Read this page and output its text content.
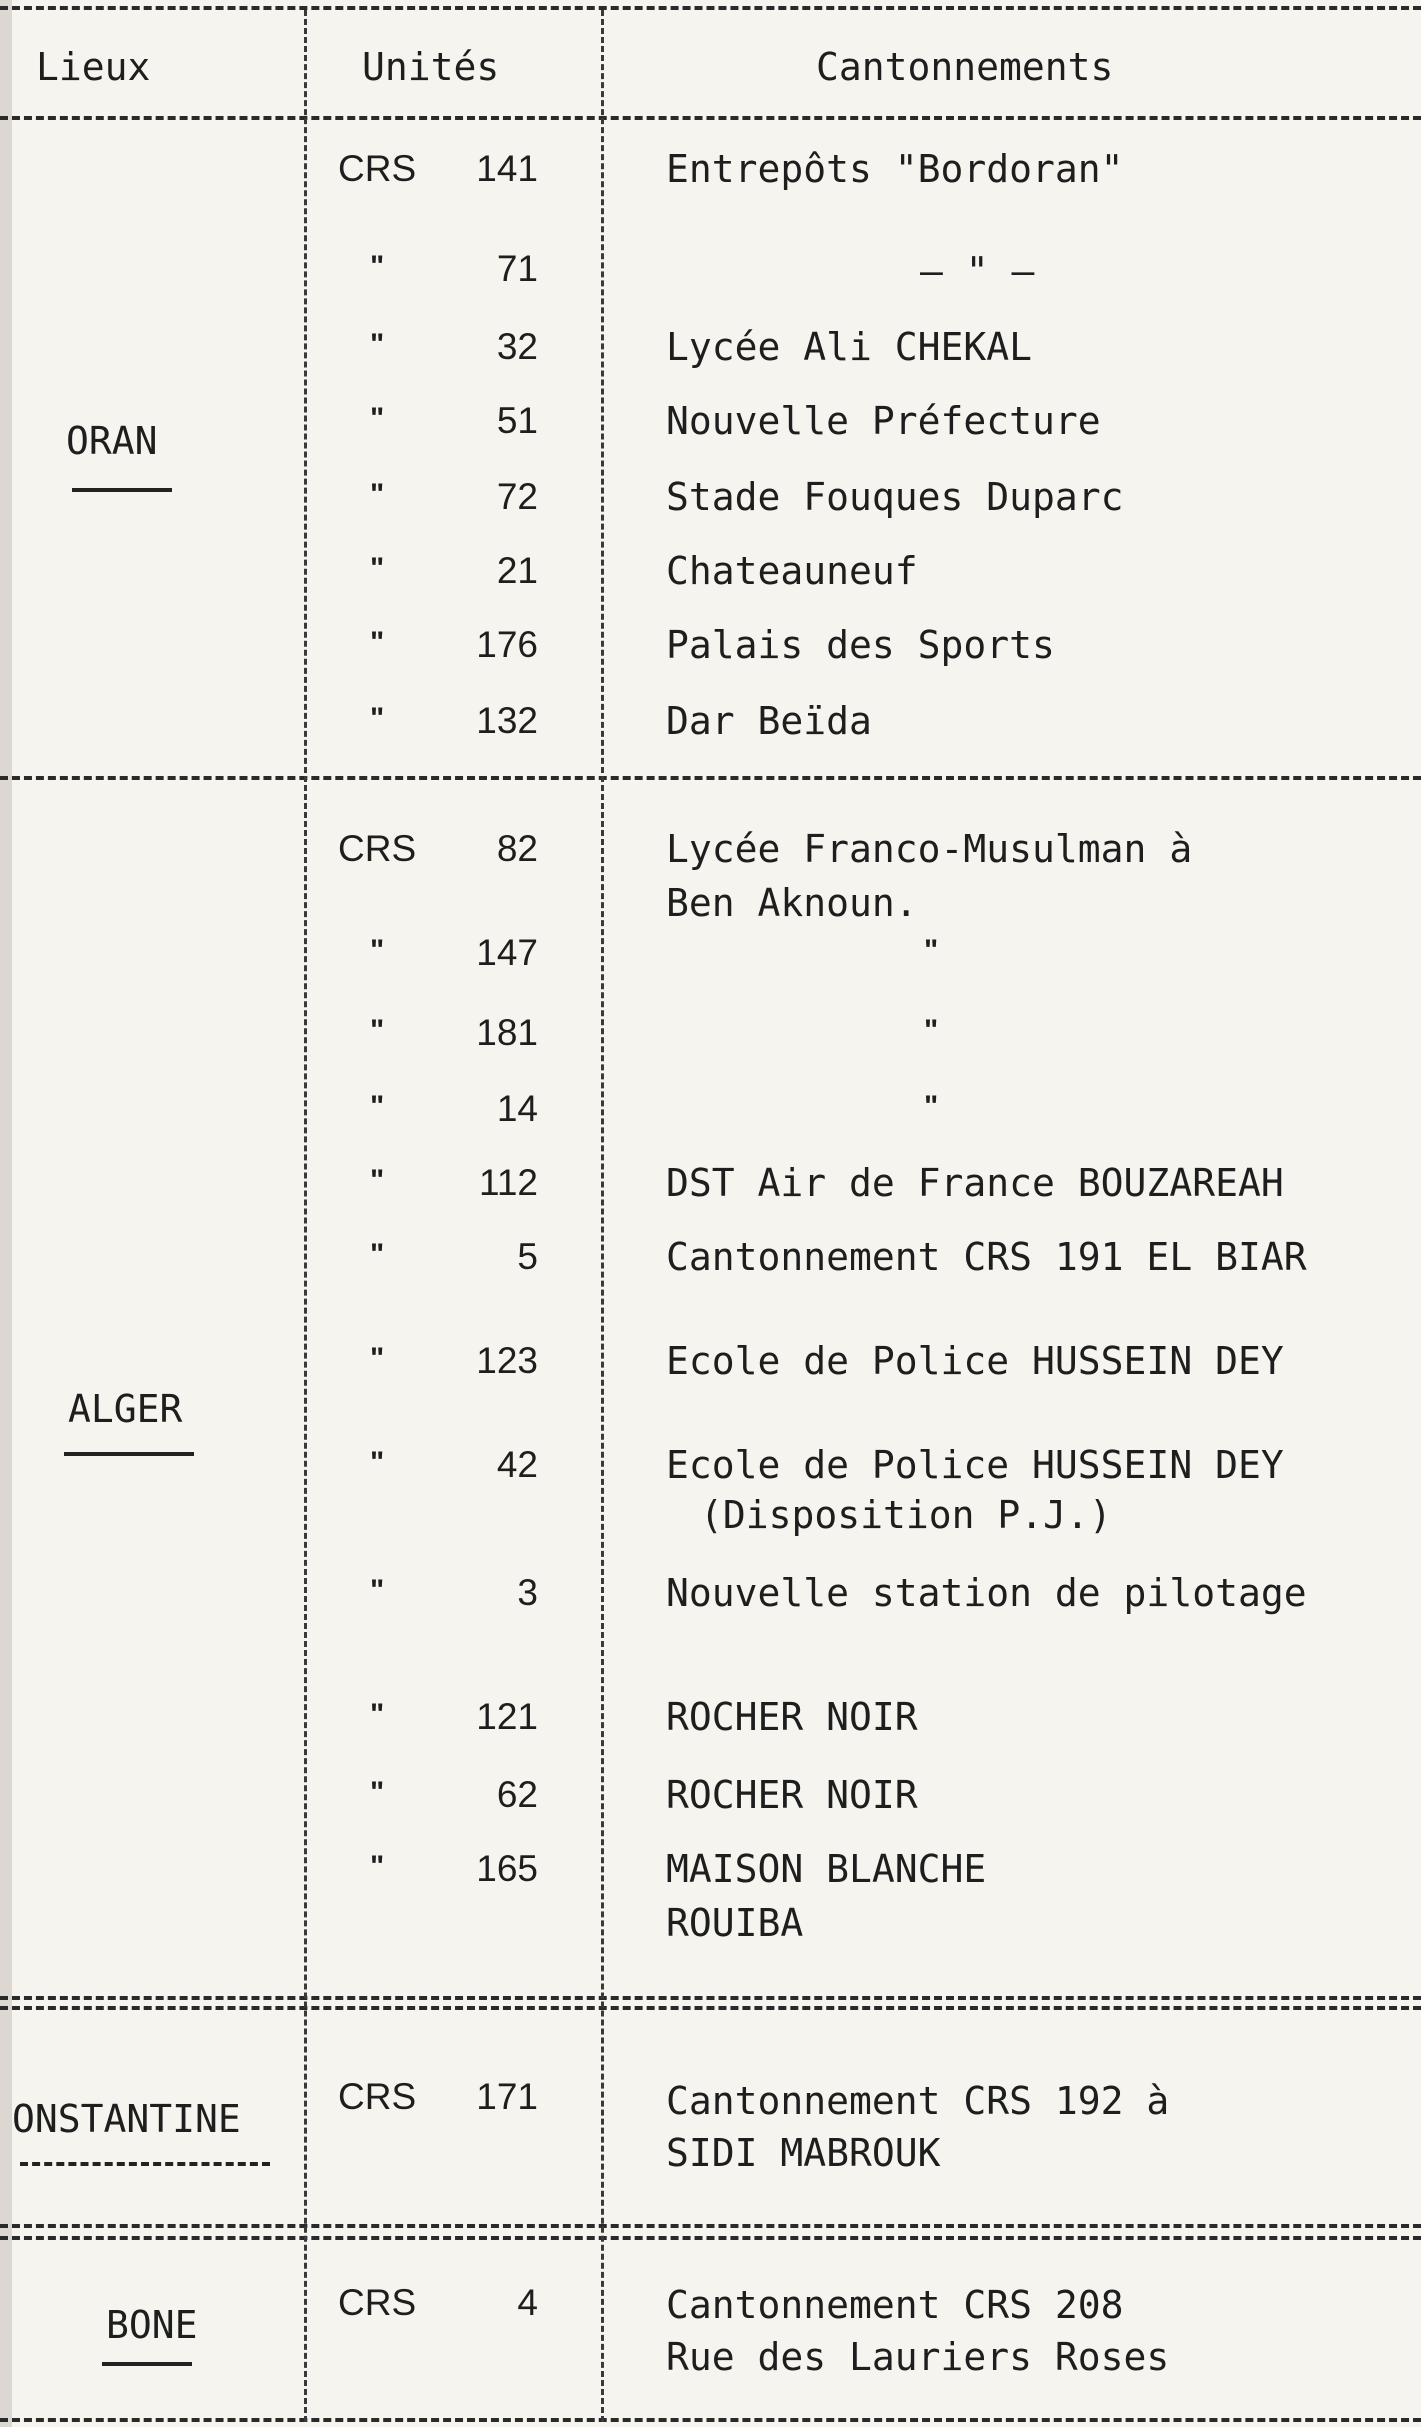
Lieux	Unités	Cantonnements
ORAN
CRS	141	Entrepôts "Bordoran"
"	71	– " –
"	32	Lycée Ali CHEKAL
"	51	Nouvelle Préfecture
"	72	Stade Fouques Duparc
"	21	Chateauneuf
"	176	Palais des Sports
"	132	Dar Beïda
ALGER
CRS	82	Lycée Franco-Musulman à
Ben Aknoun.
"	147	"
"	181	"
"	14	"
"	112	DST Air de France BOUZAREAH
"	5	Cantonnement CRS 191 EL BIAR
"	123	Ecole de Police HUSSEIN DEY
"	42	Ecole de Police HUSSEIN DEY
(Disposition P.J.)
"	3	Nouvelle station de pilotage
"	121	ROCHER NOIR
"	62	ROCHER NOIR
"	165	MAISON BLANCHE
ROUIBA
ONSTANTINE
CRS	171	Cantonnement CRS 192 à
SIDI MABROUK
BONE
CRS	4	Cantonnement CRS 208
Rue des Lauriers Roses
